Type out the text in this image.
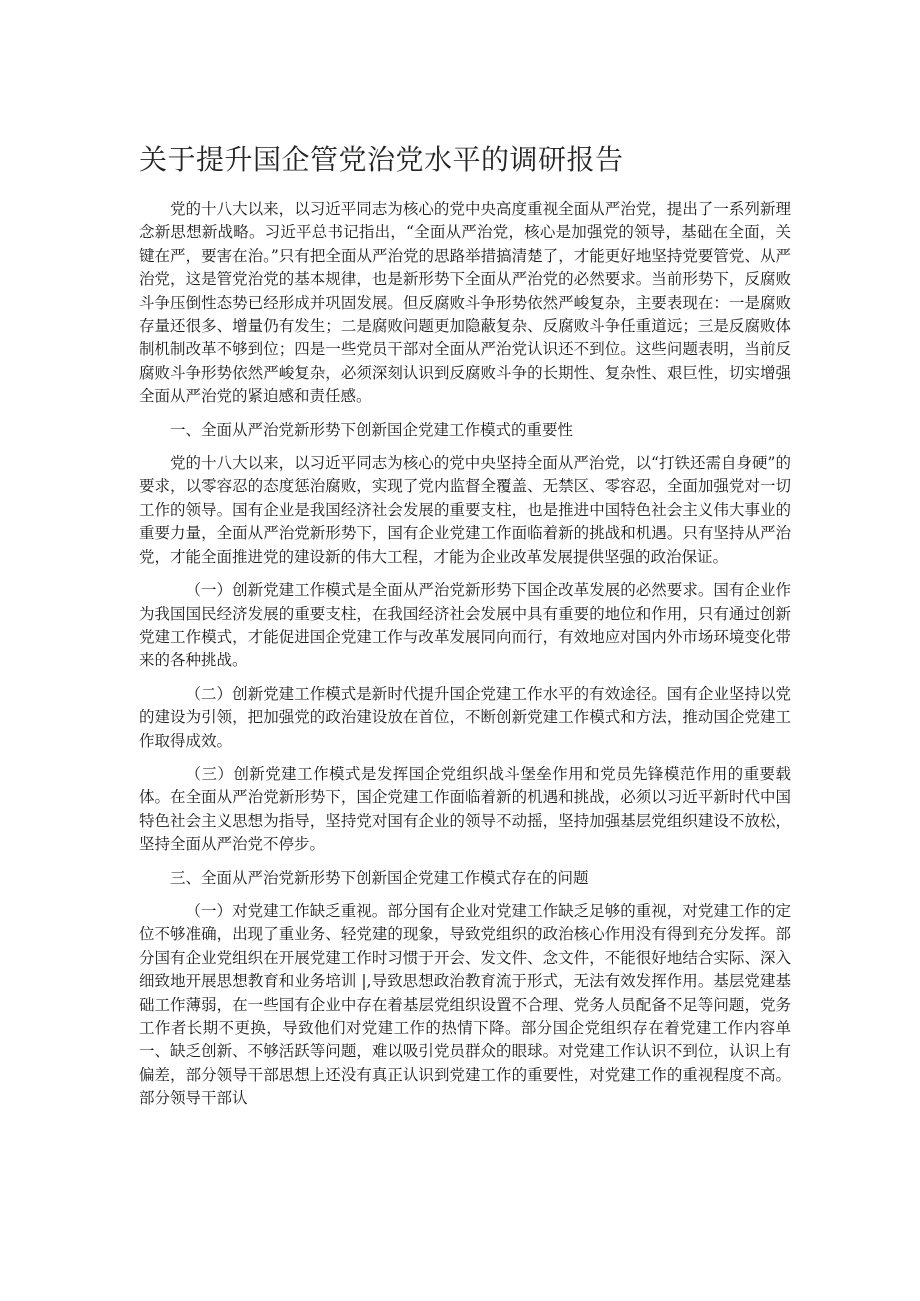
关于提升国企管党治党水平的调研报告

党的十八大以来，以习近平同志为核心的党中央高度重视全面从严治党，提出了一系列新理念新思想新战略。习近平总书记指出，“全面从严治党，核心是加强党的领导，基础在全面，关键在严，要害在治。”只有把全面从严治党的思路举措搞清楚了，才能更好地坚持党要管党、从严治党，这是管党治党的基本规律，也是新形势下全面从严治党的必然要求。当前形势下，反腐败斗争压倒性态势已经形成并巩固发展。但反腐败斗争形势依然严峻复杂，主要表现在：一是腐败存量还很多、增量仍有发生；二是腐败问题更加隐蔽复杂、反腐败斗争任重道远；三是反腐败体制机制改革不够到位；四是一些党员干部对全面从严治党认识还不到位。这些问题表明，当前反腐败斗争形势依然严峻复杂，必须深刻认识到反腐败斗争的长期性、复杂性、艰巨性，切实增强全面从严治党的紧迫感和责任感。

一、全面从严治党新形势下创新国企党建工作模式的重要性

党的十八大以来，以习近平同志为核心的党中央坚持全面从严治党，以“打铁还需自身硬”的要求，以零容忍的态度惩治腐败，实现了党内监督全覆盖、无禁区、零容忍，全面加强党对一切工作的领导。国有企业是我国经济社会发展的重要支柱，也是推进中国特色社会主义伟大事业的重要力量，全面从严治党新形势下，国有企业党建工作面临着新的挑战和机遇。只有坚持从严治党，才能全面推进党的建设新的伟大工程，才能为企业改革发展提供坚强的政治保证。

（一）创新党建工作模式是全面从严治党新形势下国企改革发展的必然要求。国有企业作为我国国民经济发展的重要支柱，在我国经济社会发展中具有重要的地位和作用，只有通过创新党建工作模式，才能促进国企党建工作与改革发展同向而行，有效地应对国内外市场环境变化带来的各种挑战。

（二）创新党建工作模式是新时代提升国企党建工作水平的有效途径。国有企业坚持以党的建设为引领，把加强党的政治建设放在首位，不断创新党建工作模式和方法，推动国企党建工作取得成效。

（三）创新党建工作模式是发挥国企党组织战斗堡垒作用和党员先锋模范作用的重要载体。在全面从严治党新形势下，国企党建工作面临着新的机遇和挑战，必须以习近平新时代中国特色社会主义思想为指导，坚持党对国有企业的领导不动摇，坚持加强基层党组织建设不放松，坚持全面从严治党不停步。

三、全面从严治党新形势下创新国企党建工作模式存在的问题

（一）对党建工作缺乏重视。部分国有企业对党建工作缺乏足够的重视，对党建工作的定位不够准确，出现了重业务、轻党建的现象，导致党组织的政治核心作用没有得到充分发挥。部分国有企业党组织在开展党建工作时习惯于开会、发文件、念文件，不能很好地结合实际、深入细致地开展思想教育和业务培训 |,导致思想政治教育流于形式，无法有效发挥作用。基层党建基础工作薄弱，在一些国有企业中存在着基层党组织设置不合理、党务人员配备不足等问题，党务工作者长期不更换，导致他们对党建工作的热情下降。部分国企党组织存在着党建工作内容单一、缺乏创新、不够活跃等问题，难以吸引党员群众的眼球。对党建工作认识不到位，认识上有偏差，部分领导干部思想上还没有真正认识到党建工作的重要性，对党建工作的重视程度不高。部分领导干部认
